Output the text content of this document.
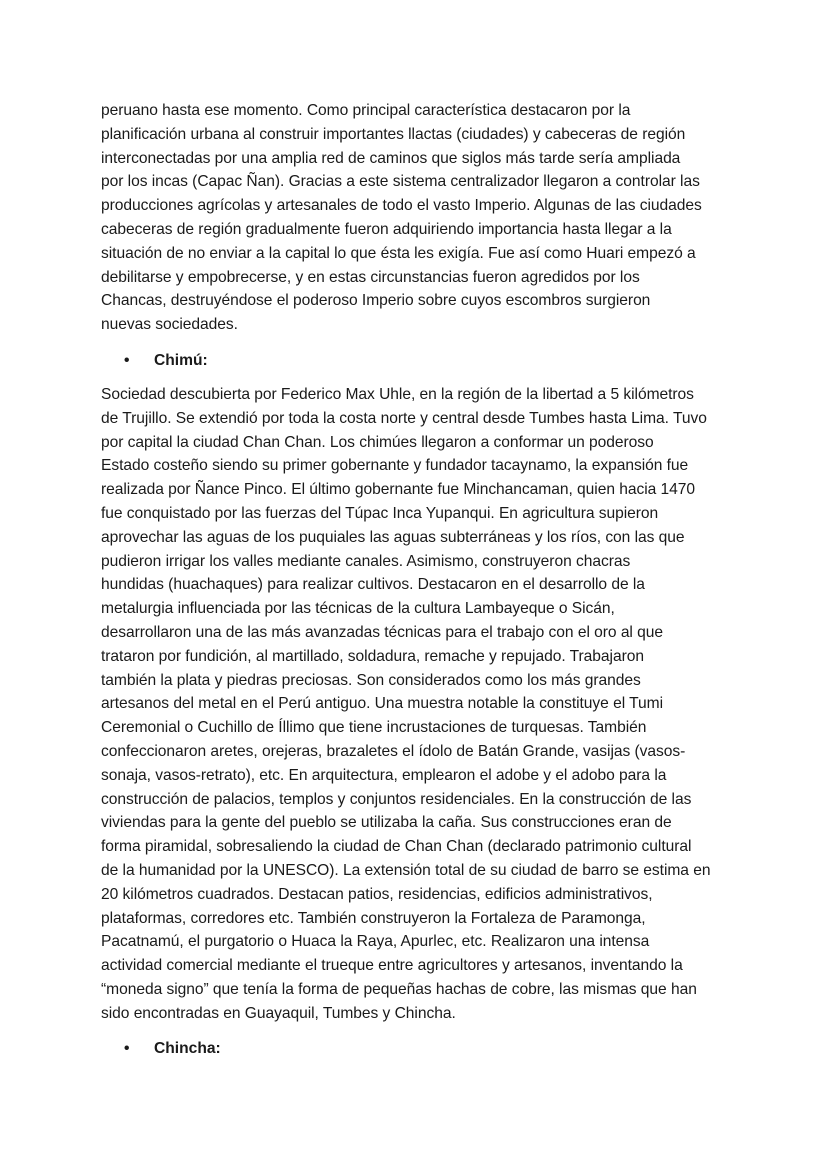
peruano hasta ese momento. Como principal característica destacaron por la
planificación urbana al construir importantes llactas (ciudades) y cabeceras de región
interconectadas por una amplia red de caminos que siglos más tarde sería ampliada
por los incas (Capac Ñan). Gracias a este sistema centralizador llegaron a controlar las
producciones agrícolas y artesanales de todo el vasto Imperio. Algunas de las ciudades
cabeceras de región gradualmente fueron adquiriendo importancia hasta llegar a la
situación de no enviar a la capital lo que ésta les exigía. Fue así como Huari empezó a
debilitarse y empobrecerse, y en estas circunstancias fueron agredidos por los
Chancas, destruyéndose el poderoso Imperio sobre cuyos escombros surgieron
nuevas sociedades.

• Chimú:

Sociedad descubierta por Federico Max Uhle, en la región de la libertad a 5 kilómetros
de Trujillo. Se extendió por toda la costa norte y central desde Tumbes hasta Lima. Tuvo
por capital la ciudad Chan Chan. Los chimúes llegaron a conformar un poderoso
Estado costeño siendo su primer gobernante y fundador tacaynamo, la expansión fue
realizada por Ñance Pinco. El último gobernante fue Minchancaman, quien hacia 1470
fue conquistado por las fuerzas del Túpac Inca Yupanqui. En agricultura supieron
aprovechar las aguas de los puquiales las aguas subterráneas y los ríos, con las que
pudieron irrigar los valles mediante canales. Asimismo, construyeron chacras
hundidas (huachaques) para realizar cultivos. Destacaron en el desarrollo de la
metalurgia influenciada por las técnicas de la cultura Lambayeque o Sicán,
desarrollaron una de las más avanzadas técnicas para el trabajo con el oro al que
trataron por fundición, al martillado, soldadura, remache y repujado. Trabajaron
también la plata y piedras preciosas. Son considerados como los más grandes
artesanos del metal en el Perú antiguo. Una muestra notable la constituye el Tumi
Ceremonial o Cuchillo de Íllimo que tiene incrustaciones de turquesas. También
confeccionaron aretes, orejeras, brazaletes el ídolo de Batán Grande, vasijas (vasos-
sonaja, vasos-retrato), etc. En arquitectura, emplearon el adobe y el adobo para la
construcción de palacios, templos y conjuntos residenciales. En la construcción de las
viviendas para la gente del pueblo se utilizaba la caña. Sus construcciones eran de
forma piramidal, sobresaliendo la ciudad de Chan Chan (declarado patrimonio cultural
de la humanidad por la UNESCO). La extensión total de su ciudad de barro se estima en
20 kilómetros cuadrados. Destacan patios, residencias, edificios administrativos,
plataformas, corredores etc. También construyeron la Fortaleza de Paramonga,
Pacatnamú, el purgatorio o Huaca la Raya, Apurlec, etc. Realizaron una intensa
actividad comercial mediante el trueque entre agricultores y artesanos, inventando la
“moneda signo” que tenía la forma de pequeñas hachas de cobre, las mismas que han
sido encontradas en Guayaquil, Tumbes y Chincha.

• Chincha:
